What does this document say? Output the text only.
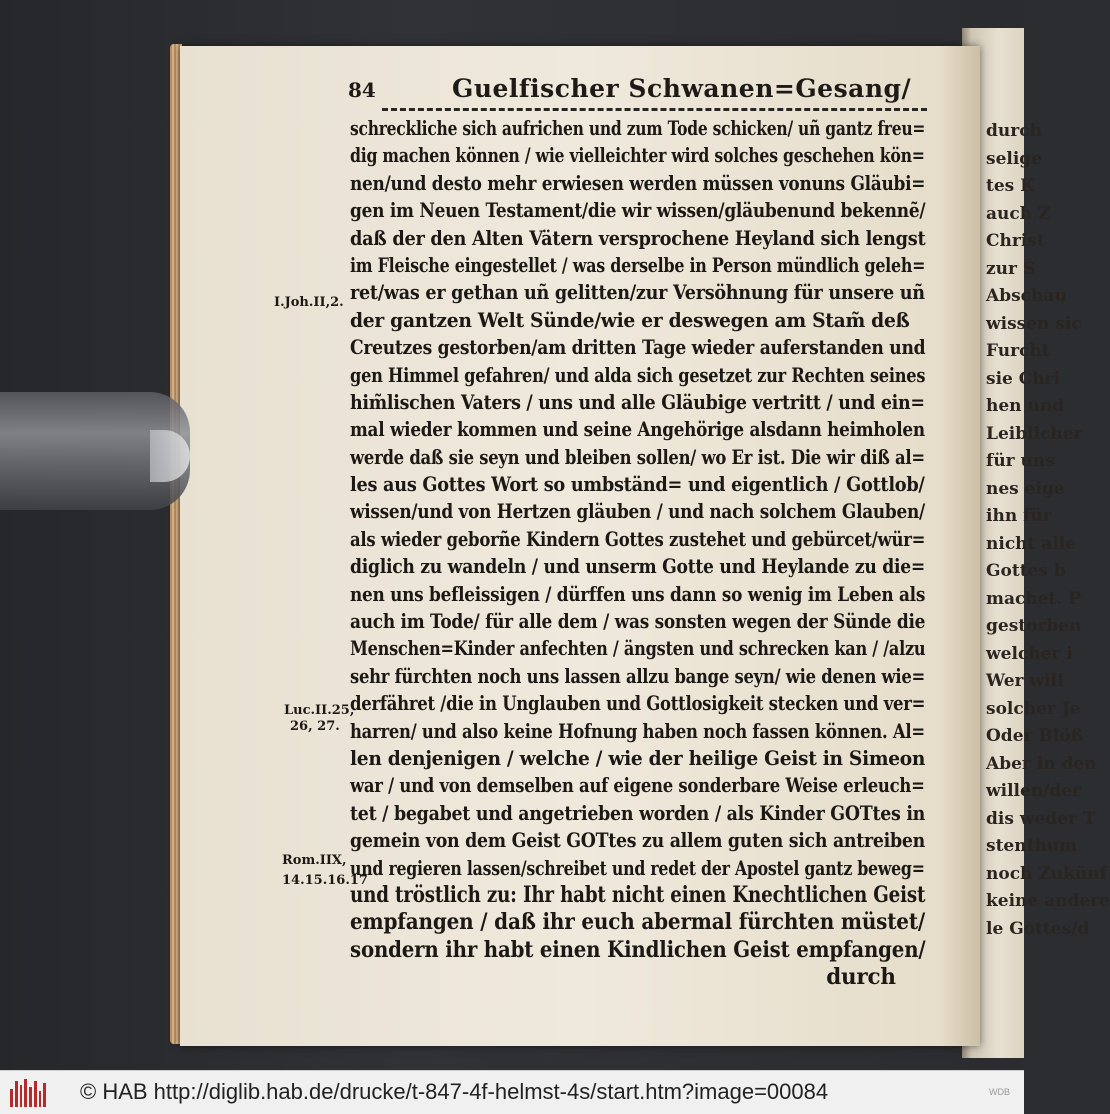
durch
selige
tes K
auch Z
Christ
zur S
Abschau
wissen sic
Furcht
sie Chri
hen und
Leiblicher
für uns
nes eige
ihn für
nicht alle
Gottes b
machet. P
gestorben
welcher i
Wer will
solcher Je
Oder Blöß
Aber in den
willen/der
dis weder T
stenthum
noch Zukünf
keine andere
le Gottes/d
84	Guelfischer Schwanen=Gesang/
schreckliche sich aufrichen und zum Tode schicken/ uñ gantz freu=
dig machen können / wie vielleichter wird solches geschehen kön=
nen/und desto mehr erwiesen werden müssen vonuns Gläubi=
gen im Neuen Testament/die wir wissen/gläubenund bekennẽ/
daß der den Alten Vätern versprochene Heyland sich lengst
im Fleische eingestellet / was derselbe in Person mündlich geleh=
ret/was er gethan uñ gelitten/zur Versöhnung für unsere uñ
der gantzen Welt Sünde/wie er deswegen am Stam̃ deß
Creutzes gestorben/am dritten Tage wieder auferstanden und
gen Himmel gefahren/ und alda sich gesetzet zur Rechten seines
him̃lischen Vaters / uns und alle Gläubige vertritt / und ein=
mal wieder kommen und seine Angehörige alsdann heimholen
werde daß sie seyn und bleiben sollen/ wo Er ist. Die wir diß al=
les aus Gottes Wort so umbständ= und eigentlich / Gottlob/
wissen/und von Hertzen gläuben / und nach solchem Glauben/
als wieder geborñe Kindern Gottes zustehet und gebürcet/wür=
diglich zu wandeln / und unserm Gotte und Heylande zu die=
nen uns befleissigen / dürffen uns dann so wenig im Leben als
auch im Tode/ für alle dem / was sonsten wegen der Sünde die
Menschen=Kinder anfechten / ängsten und schrecken kan / /alzu
sehr fürchten noch uns lassen allzu bange seyn/ wie denen wie=
derfähret /die in Unglauben und Gottlosigkeit stecken und ver=
harren/ und also keine Hofnung haben noch fassen können. Al=
len denjenigen / welche / wie der heilige Geist in Simeon
war / und von demselben auf eigene sonderbare Weise erleuch=
tet / begabet und angetrieben worden / als Kinder GOTtes in
gemein von dem Geist GOTtes zu allem guten sich antreiben
und regieren lassen/schreibet und redet der Apostel gantz beweg=
und tröstlich zu: Ihr habt nicht einen Knechtlichen Geist
empfangen / daß ihr euch abermal fürchten müstet/
sondern ihr habt einen Kindlichen Geist empfangen/
durch
I.Joh.II,2.
Luc.II.25,
26, 27.
Rom.IIX,
14.15.16.17
© HAB http://diglib.hab.de/drucke/t-847-4f-helmst-4s/start.htm?image=00084	WDB
